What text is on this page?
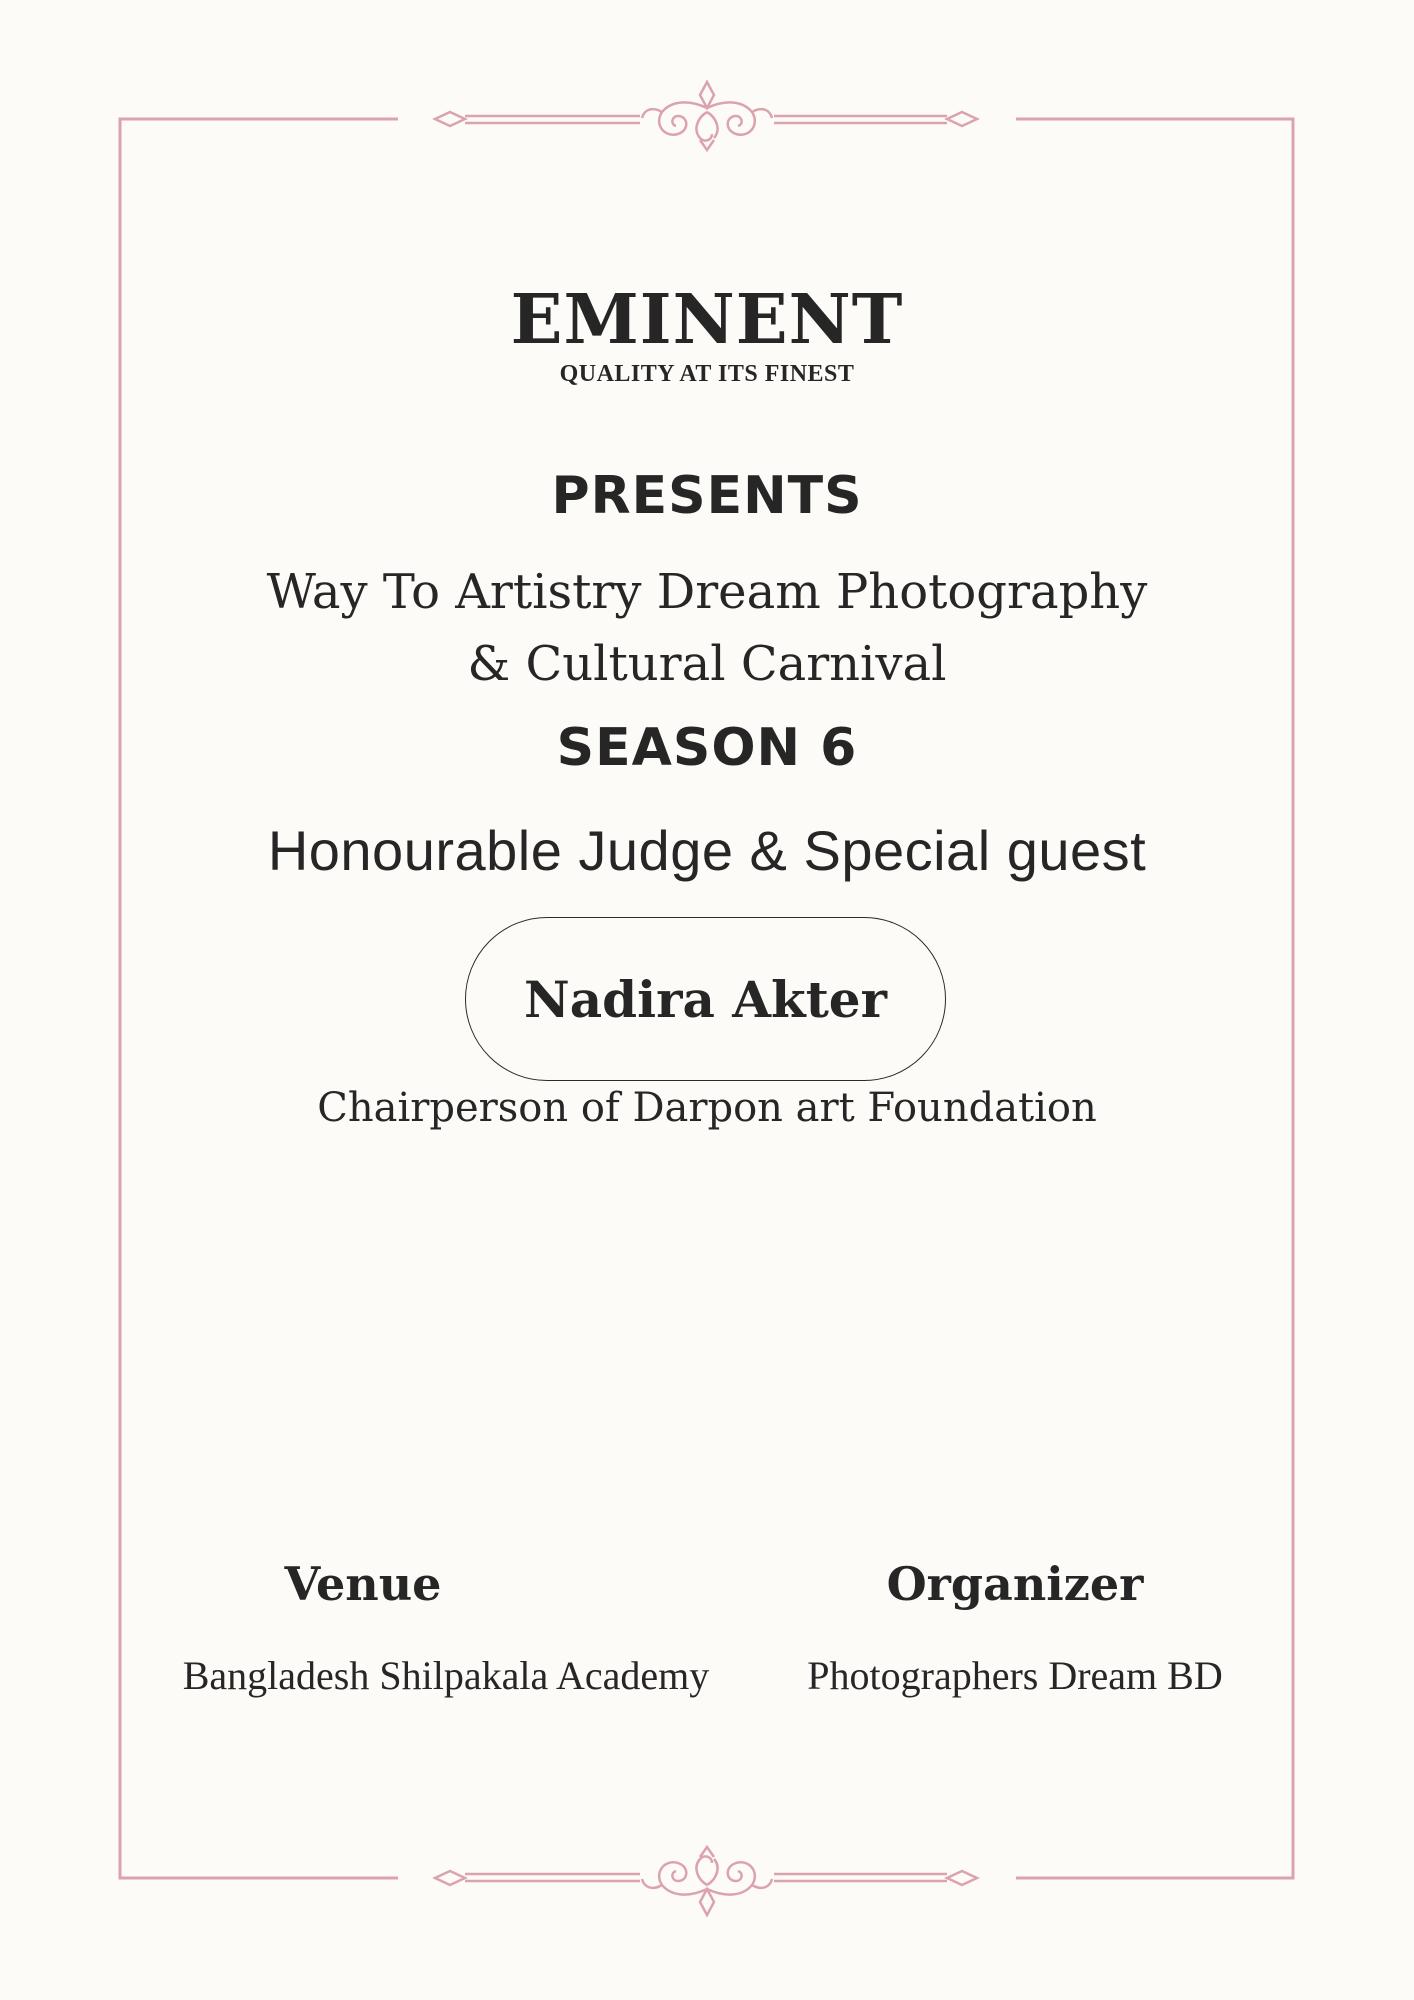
EMINENT
QUALITY AT ITS FINEST
PRESENTS
Way To Artistry Dream Photography
& Cultural Carnival
SEASON 6
Honourable Judge & Special guest
Nadira Akter
Chairperson of Darpon art Foundation
Venue	Organizer
Bangladesh Shilpakala Academy	Photographers Dream BD
